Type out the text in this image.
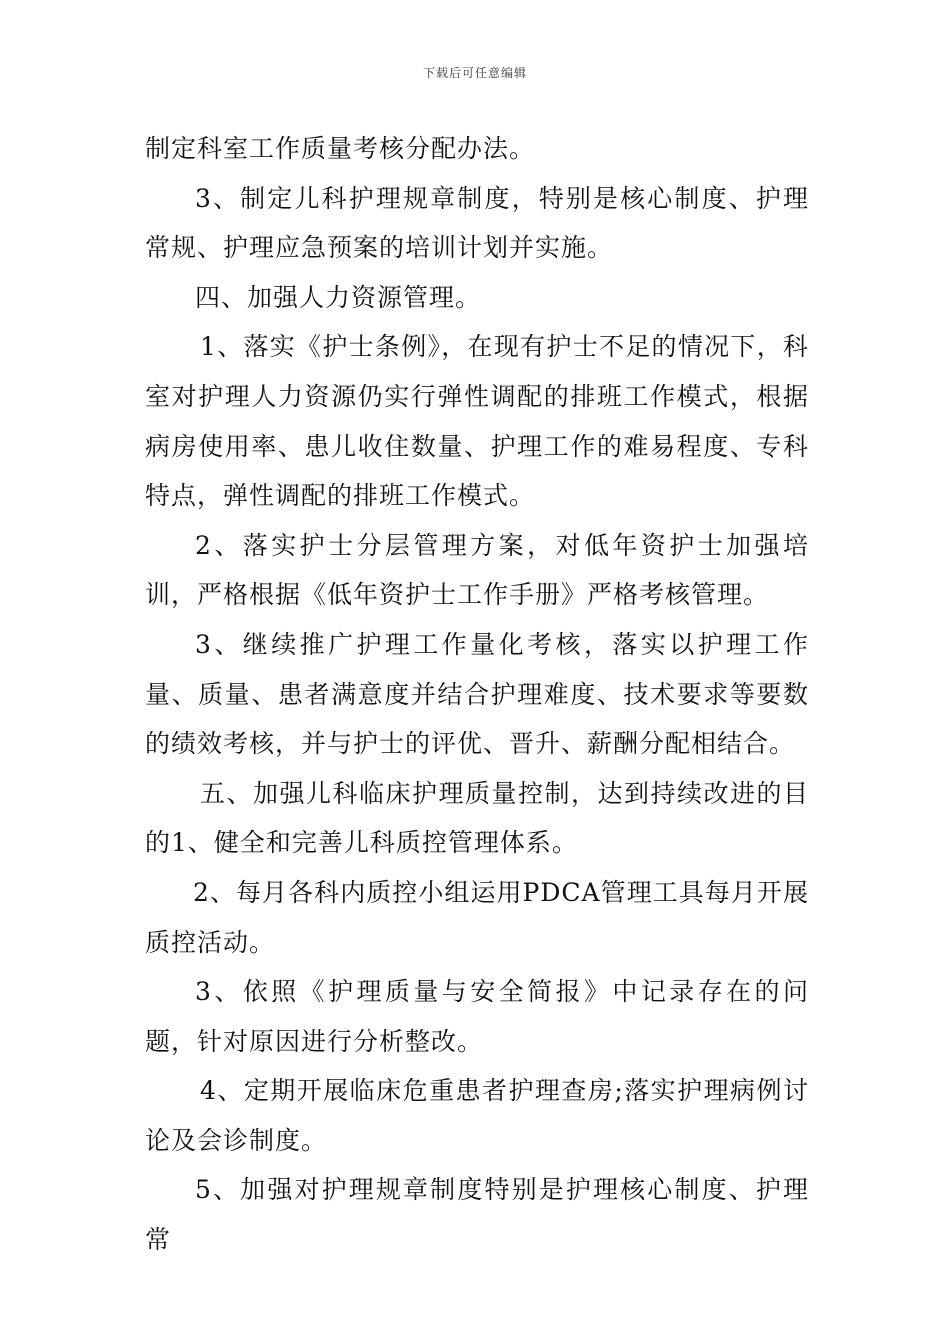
下载后可任意编辑

制定科室工作质量考核分配办法。

3、制定儿科护理规章制度，特别是核心制度、护理常规、护理应急预案的培训计划并实施。

四、加强人力资源管理。

1、落实《护士条例》，在现有护士不足的情况下，科室对护理人力资源仍实行弹性调配的排班工作模式，根据病房使用率、患儿收住数量、护理工作的难易程度、专科特点，弹性调配的排班工作模式。

2、落实护士分层管理方案，对低年资护士加强培训，严格根据《低年资护士工作手册》严格考核管理。

3、继续推广护理工作量化考核，落实以护理工作量、质量、患者满意度并结合护理难度、技术要求等要数的绩效考核，并与护士的评优、晋升、薪酬分配相结合。

五、加强儿科临床护理质量控制，达到持续改进的目的1、健全和完善儿科质控管理体系。

2、每月各科内质控小组运用PDCA管理工具每月开展质控活动。

3、依照《护理质量与安全简报》中记录存在的问题，针对原因进行分析整改。

4、定期开展临床危重患者护理查房;落实护理病例讨论及会诊制度。

5、加强对护理规章制度特别是护理核心制度、护理常
